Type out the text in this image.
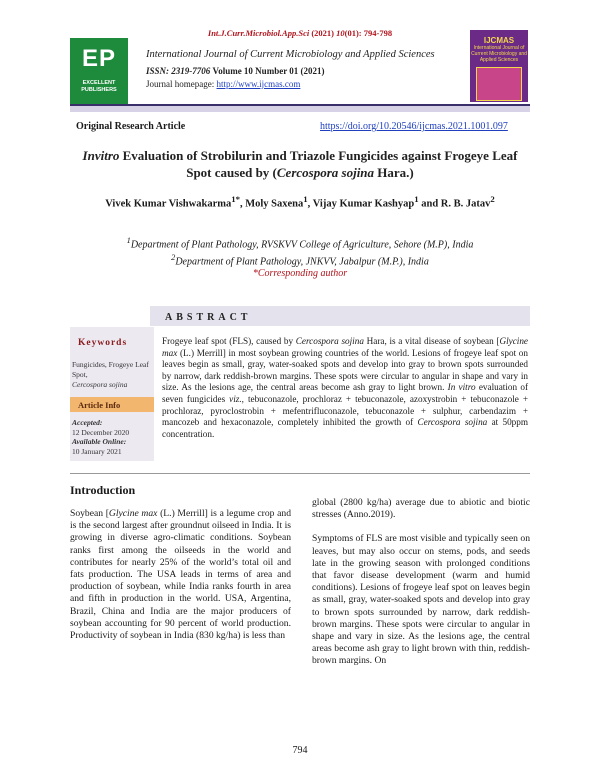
Int.J.Curr.Microbiol.App.Sci (2021) 10(01): 794-798
EP
EXCELLENT
PUBLISHERS
International Journal of Current Microbiology and Applied Sciences
ISSN: 2319-7706 Volume 10 Number 01 (2021)
Journal homepage: http://www.ijcmas.com
IJCMAS
International Journal of Current Microbiology and Applied Sciences
Original Research Article	https://doi.org/10.20546/ijcmas.2021.1001.097
Invitro Evaluation of Strobilurin and Triazole Fungicides against Frogeye Leaf Spot caused by (Cercospora sojina Hara.)
Vivek Kumar Vishwakarma$^{1*}$, Moly Saxena$^1$, Vijay Kumar Kashyap$^1$ and R. B. Jatav$^2$
$^1$Department of Plant Pathology, RVSKVV College of Agriculture, Sehore (M.P), India
$^2$Department of Plant Pathology, JNKVV, Jabalpur (M.P.), India
*Corresponding author
ABSTRACT
Keywords
Fungicides, Frogeye Leaf Spot,
Cercospora sojina
Article Info
Accepted:
12 December 2020
Available Online:
10 January 2021
Frogeye leaf spot (FLS), caused by Cercospora sojina Hara, is a vital disease of soybean [Glycine max (L.) Merrill] in most soybean growing countries of the world. Lesions of frogeye leaf spot on leaves begin as small, gray, water-soaked spots and develop into gray to brown spots surrounded by narrow, dark reddish-brown margins. These spots were circular to angular in shape and vary in size. As the lesions age, the central areas become ash gray to light brown. In vitro evaluation of seven fungicides viz., tebuconazole, prochloraz + tebuconazole, azoxystrobin + tebuconazole + prochloraz, pyroclostrobin + mefentrifluconazole, tebuconazole + sulphur, carbendazim + mancozeb and hexaconazole, completely inhibited the growth of Cercospora sojina at 50ppm concentration.
Introduction

Soybean [Glycine max (L.) Merrill] is a legume crop and is the second largest after groundnut oilseed in India. It is growing in diverse agro-climatic conditions. Soybean ranks first among the oilseeds in the world and contributes for nearly 25% of the world’s total oil and fats production. The USA leads in terms of area and production of soybean, while India ranks fourth in area and fifth in production in the world. USA, Argentina, Brazil, China and India are the major producers of soybean accounting for 90 percent of world production. Productivity of soybean in India (830 kg/ha) is less than

global (2800 kg/ha) average due to abiotic and biotic stresses (Anno.2019).

Symptoms of FLS are most visible and typically seen on leaves, but may also occur on stems, pods, and seeds late in the growing season with prolonged conditions that favor disease development (warm and humid conditions). Lesions of frogeye leaf spot on leaves begin as small, gray, water-soaked spots and develop into gray to brown spots surrounded by narrow, dark reddish-brown margins. These spots were circular to angular in shape and vary in size. As the lesions age, the central areas become ash gray to light brown with thin, reddish-brown margins. On

794
